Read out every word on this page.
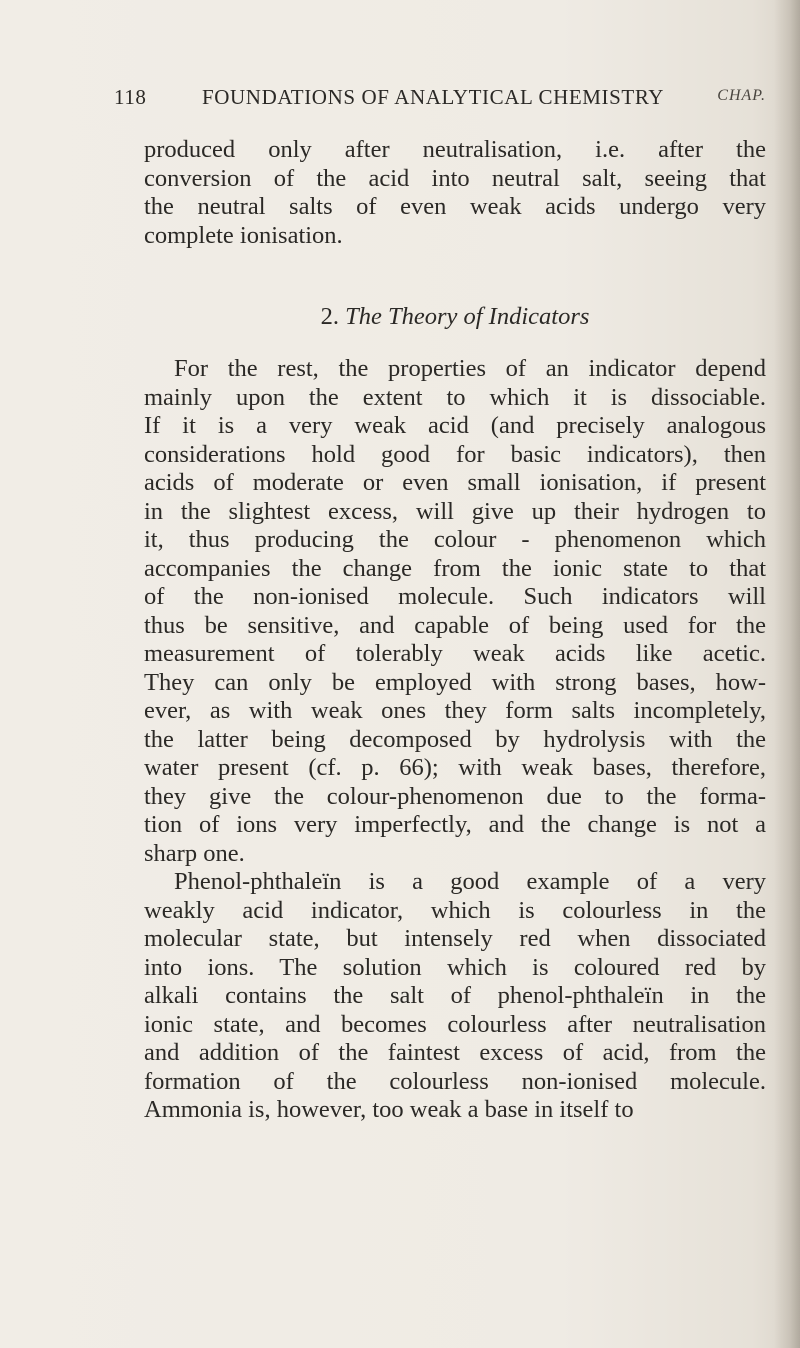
118	FOUNDATIONS OF ANALYTICAL CHEMISTRY	CHAP.
produced only after neutralisation, i.e. after the
conversion of the acid into neutral salt, seeing that
the neutral salts of even weak acids undergo very
complete ionisation.
2. The Theory of Indicators
For the rest, the properties of an indicator depend
mainly upon the extent to which it is dissociable.
If it is a very weak acid (and precisely analogous
considerations hold good for basic indicators), then
acids of moderate or even small ionisation, if present
in the slightest excess, will give up their hydrogen to
it, thus producing the colour - phenomenon which
accompanies the change from the ionic state to that
of the non-ionised molecule. Such indicators will
thus be sensitive, and capable of being used for the
measurement of tolerably weak acids like acetic.
They can only be employed with strong bases, how-
ever, as with weak ones they form salts incompletely,
the latter being decomposed by hydrolysis with the
water present (cf. p. 66); with weak bases, therefore,
they give the colour-phenomenon due to the forma-
tion of ions very imperfectly, and the change is not a
sharp one.
Phenol-phthaleïn is a good example of a very
weakly acid indicator, which is colourless in the
molecular state, but intensely red when dissociated
into ions. The solution which is coloured red by
alkali contains the salt of phenol-phthaleïn in the
ionic state, and becomes colourless after neutralisation
and addition of the faintest excess of acid, from the
formation of the colourless non-ionised molecule.
Ammonia is, however, too weak a base in itself to
